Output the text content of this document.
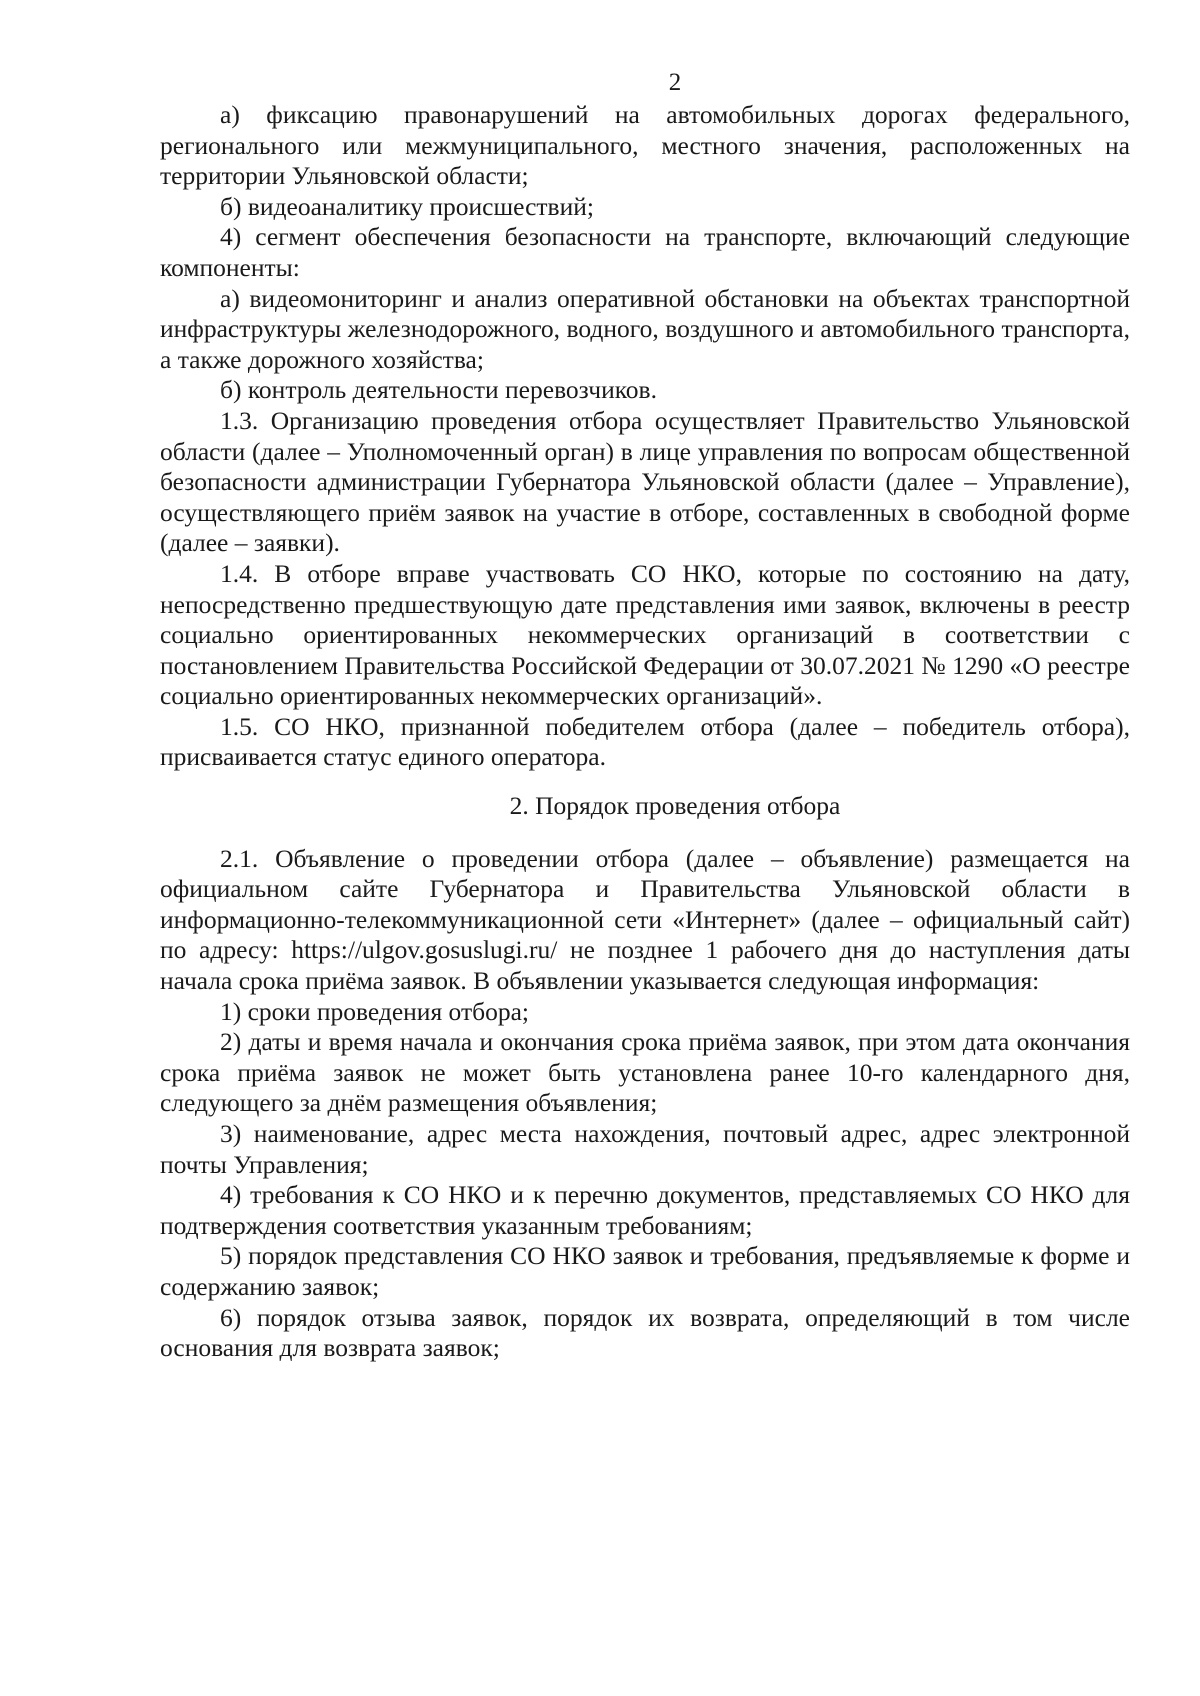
2

а) фиксацию правонарушений на автомобильных дорогах федерального, регионального или межмуниципального, местного значения, расположенных на территории Ульяновской области;

б) видеоаналитику происшествий;

4) сегмент обеспечения безопасности на транспорте, включающий следующие компоненты:

а) видеомониторинг и анализ оперативной обстановки на объектах транспортной инфраструктуры железнодорожного, водного, воздушного и автомобильного транспорта, а также дорожного хозяйства;

б) контроль деятельности перевозчиков.

1.3. Организацию проведения отбора осуществляет Правительство Ульяновской области (далее – Уполномоченный орган) в лице управления по вопросам общественной безопасности администрации Губернатора Ульяновской области (далее – Управление), осуществляющего приём заявок на участие в отборе, составленных в свободной форме (далее – заявки).

1.4. В отборе вправе участвовать СО НКО, которые по состоянию на дату, непосредственно предшествующую дате представления ими заявок, включены в реестр социально ориентированных некоммерческих организаций в соответствии с постановлением Правительства Российской Федерации от 30.07.2021 № 1290 «О реестре социально ориентированных некоммерческих организаций».

1.5. СО НКО, признанной победителем отбора (далее – победитель отбора), присваивается статус единого оператора.

2. Порядок проведения отбора

2.1. Объявление о проведении отбора (далее – объявление) размещается на официальном сайте Губернатора и Правительства Ульяновской области в информационно-телекоммуникационной сети «Интернет» (далее – официальный сайт) по адресу: https://ulgov.gosuslugi.ru/ не позднее 1 рабочего дня до наступления даты начала срока приёма заявок. В объявлении указывается следующая информация:

1) сроки проведения отбора;

2) даты и время начала и окончания срока приёма заявок, при этом дата окончания срока приёма заявок не может быть установлена ранее 10-го календарного дня, следующего за днём размещения объявления;

3) наименование, адрес места нахождения, почтовый адрес, адрес электронной почты Управления;

4) требования к СО НКО и к перечню документов, представляемых СО НКО для подтверждения соответствия указанным требованиям;

5) порядок представления СО НКО заявок и требования, предъявляемые к форме и содержанию заявок;

6) порядок отзыва заявок, порядок их возврата, определяющий в том числе основания для возврата заявок;
